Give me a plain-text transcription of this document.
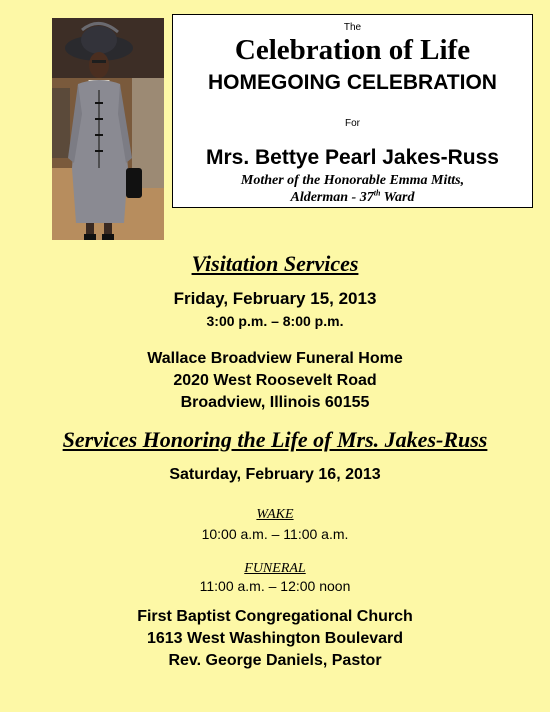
The
Celebration of Life
HOMEGOING CELEBRATION
For
Mrs. Bettye Pearl Jakes-Russ
Mother of the Honorable Emma Mitts,
Alderman - 37th Ward
Visitation Services
Friday, February 15, 2013
3:00 p.m. – 8:00 p.m.
Wallace Broadview Funeral Home
2020 West Roosevelt Road
Broadview, Illinois 60155
Services Honoring the Life of Mrs. Jakes-Russ
Saturday, February 16, 2013
WAKE
10:00 a.m. – 11:00 a.m.
FUNERAL
11:00 a.m. – 12:00 noon
First Baptist Congregational Church
1613 West Washington Boulevard
Rev. George Daniels, Pastor
